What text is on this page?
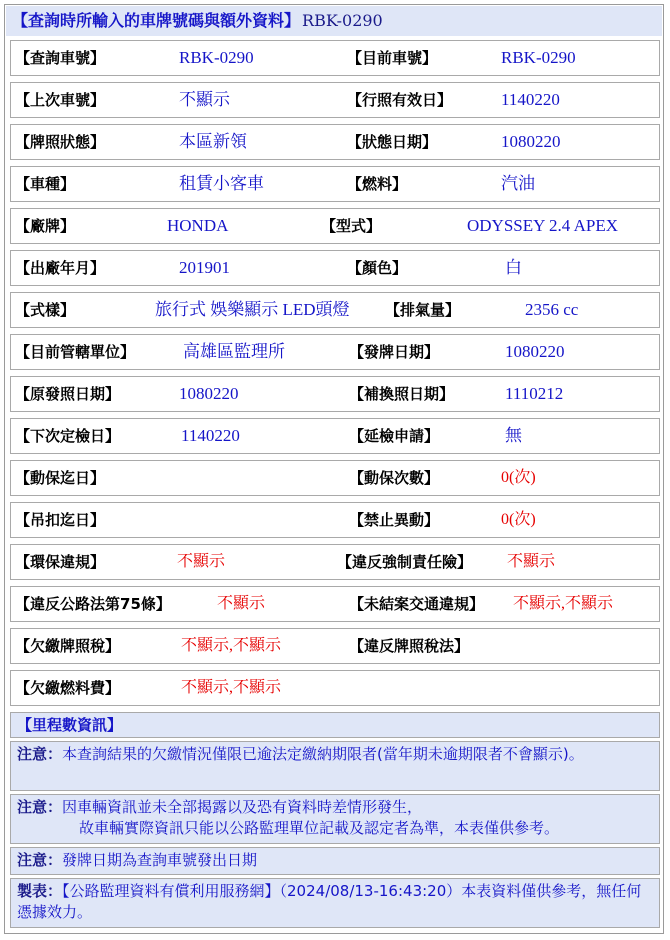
【查詢時所輸入的車牌號碼與額外資料】 RBK-0290
【查詢車號】	RBK-0290	【目前車號】	RBK-0290
【上次車號】	不顯示	【行照有效日】	1140220
【牌照狀態】	本區新領	【狀態日期】	1080220
【車種】	租賃小客車	【燃料】	汽油
【廠牌】	HONDA	【型式】	ODYSSEY 2.4 APEX
【出廠年月】	201901	【顏色】	白
【式樣】	旅行式 娛樂顯示 LED頭燈 【排氣量】	2356 cc
【目前管轄單位】	高雄區監理所	【發牌日期】	1080220
【原發照日期】	1080220	【補換照日期】	1110212
【下次定檢日】	1140220	【延檢申請】	無
【動保迄日】	【動保次數】	0(次)
【吊扣迄日】	【禁止異動】	0(次)
【環保違規】	不顯示	【違反強制責任險】 不顯示
【違反公路法第75條】	不顯示	【未結案交通違規】 不顯示,不顯示
【欠繳牌照稅】	不顯示,不顯示	【違反牌照稅法】
【欠繳燃料費】	不顯示,不顯示
【里程數資訊】
注意：本查詢結果的欠繳情況僅限已逾法定繳納期限者(當年期未逾期限者不會顯示)。
注意：因車輛資訊並未全部揭露以及恐有資料時差情形發生，
故車輛實際資訊只能以公路監理單位記載及認定者為準，本表僅供參考。
注意：發牌日期為查詢車號發出日期
製表：【公路監理資料有償利用服務網】（2024/08/13-16:43:20）本表資料僅供參考，無任何憑據效力。
